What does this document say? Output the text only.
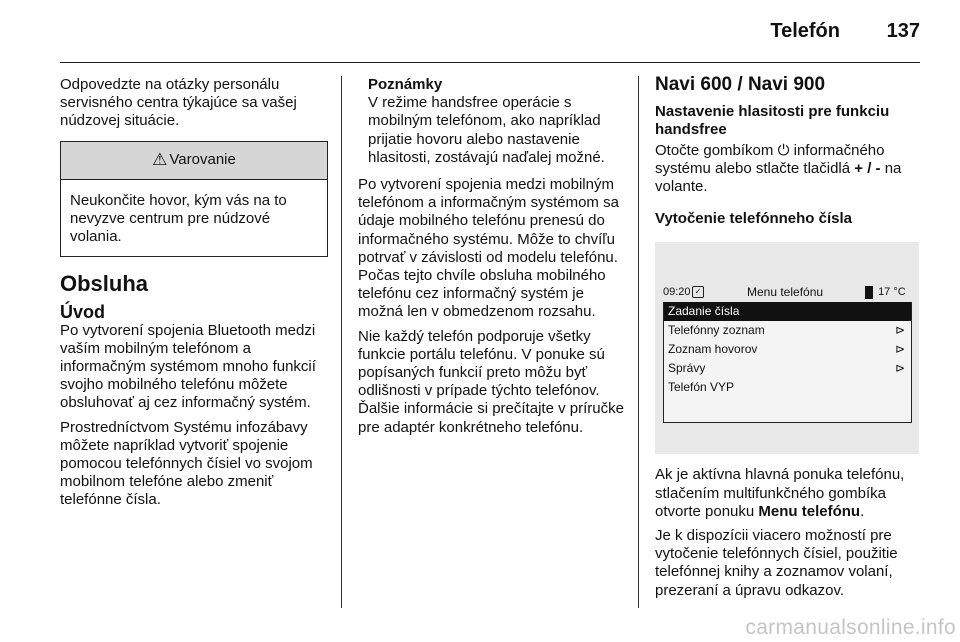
Telefón 137

Odpovedzte na otázky personálu servisného centra týkajúce sa vašej núdzovej situácie.

⚠ Varovanie
Neukončite hovor, kým vás na to nevyzve centrum pre núdzové volania.
Obsluha
Úvod

Po vytvorení spojenia Bluetooth medzi vaším mobilným telefónom a informačným systémom mnoho funkcií svojho mobilného telefónu môžete obsluhovať aj cez informačný systém.

Prostredníctvom Systému infozábavy môžete napríklad vytvoriť spojenie pomocou telefónnych čísiel vo svojom mobilnom telefóne alebo zmeniť telefónne čísla.

Poznámky
V režime handsfree operácie s mobilným telefónom, ako napríklad prijatie hovoru alebo nastavenie hlasitosti, zostávajú naďalej možné.

Po vytvorení spojenia medzi mobilným telefónom a informačným systémom sa údaje mobilného telefónu prenesú do informačného systému. Môže to chvíľu potrvať v závislosti od modelu telefónu. Počas tejto chvíle obsluha mobilného telefónu cez informačný systém je možná len v obmedzenom rozsahu.

Nie každý telefón podporuje všetky funkcie portálu telefónu. V ponuke sú popísaných funkcií preto môžu byť odlišnosti v prípade týchto telefónov. Ďalšie informácie si prečítajte v príručke pre adaptér konkrétneho telefónu.

Navi 600 / Navi 900
Nastavenie hlasitosti pre funkciu handsfree

Otočte gombíkom ⏻ informačného systému alebo stlačte tlačidlá + / - na volante.

Vytočenie telefónneho čísla
09:20 ✓	Menu telefónu	17 °C
Zadanie čísla
Telefónny zoznam	⊳
Zoznam hovorov	⊳
Správy	⊳
Telefón VYP

Ak je aktívna hlavná ponuka telefónu, stlačením multifunkčného gombíka otvorte ponuku Menu telefónu.

Je k dispozícii viacero možností pre vytočenie telefónnych čísiel, použitie telefónnej knihy a zoznamov volaní, prezeraní a úpravu odkazov.

carmanualsonline.info
